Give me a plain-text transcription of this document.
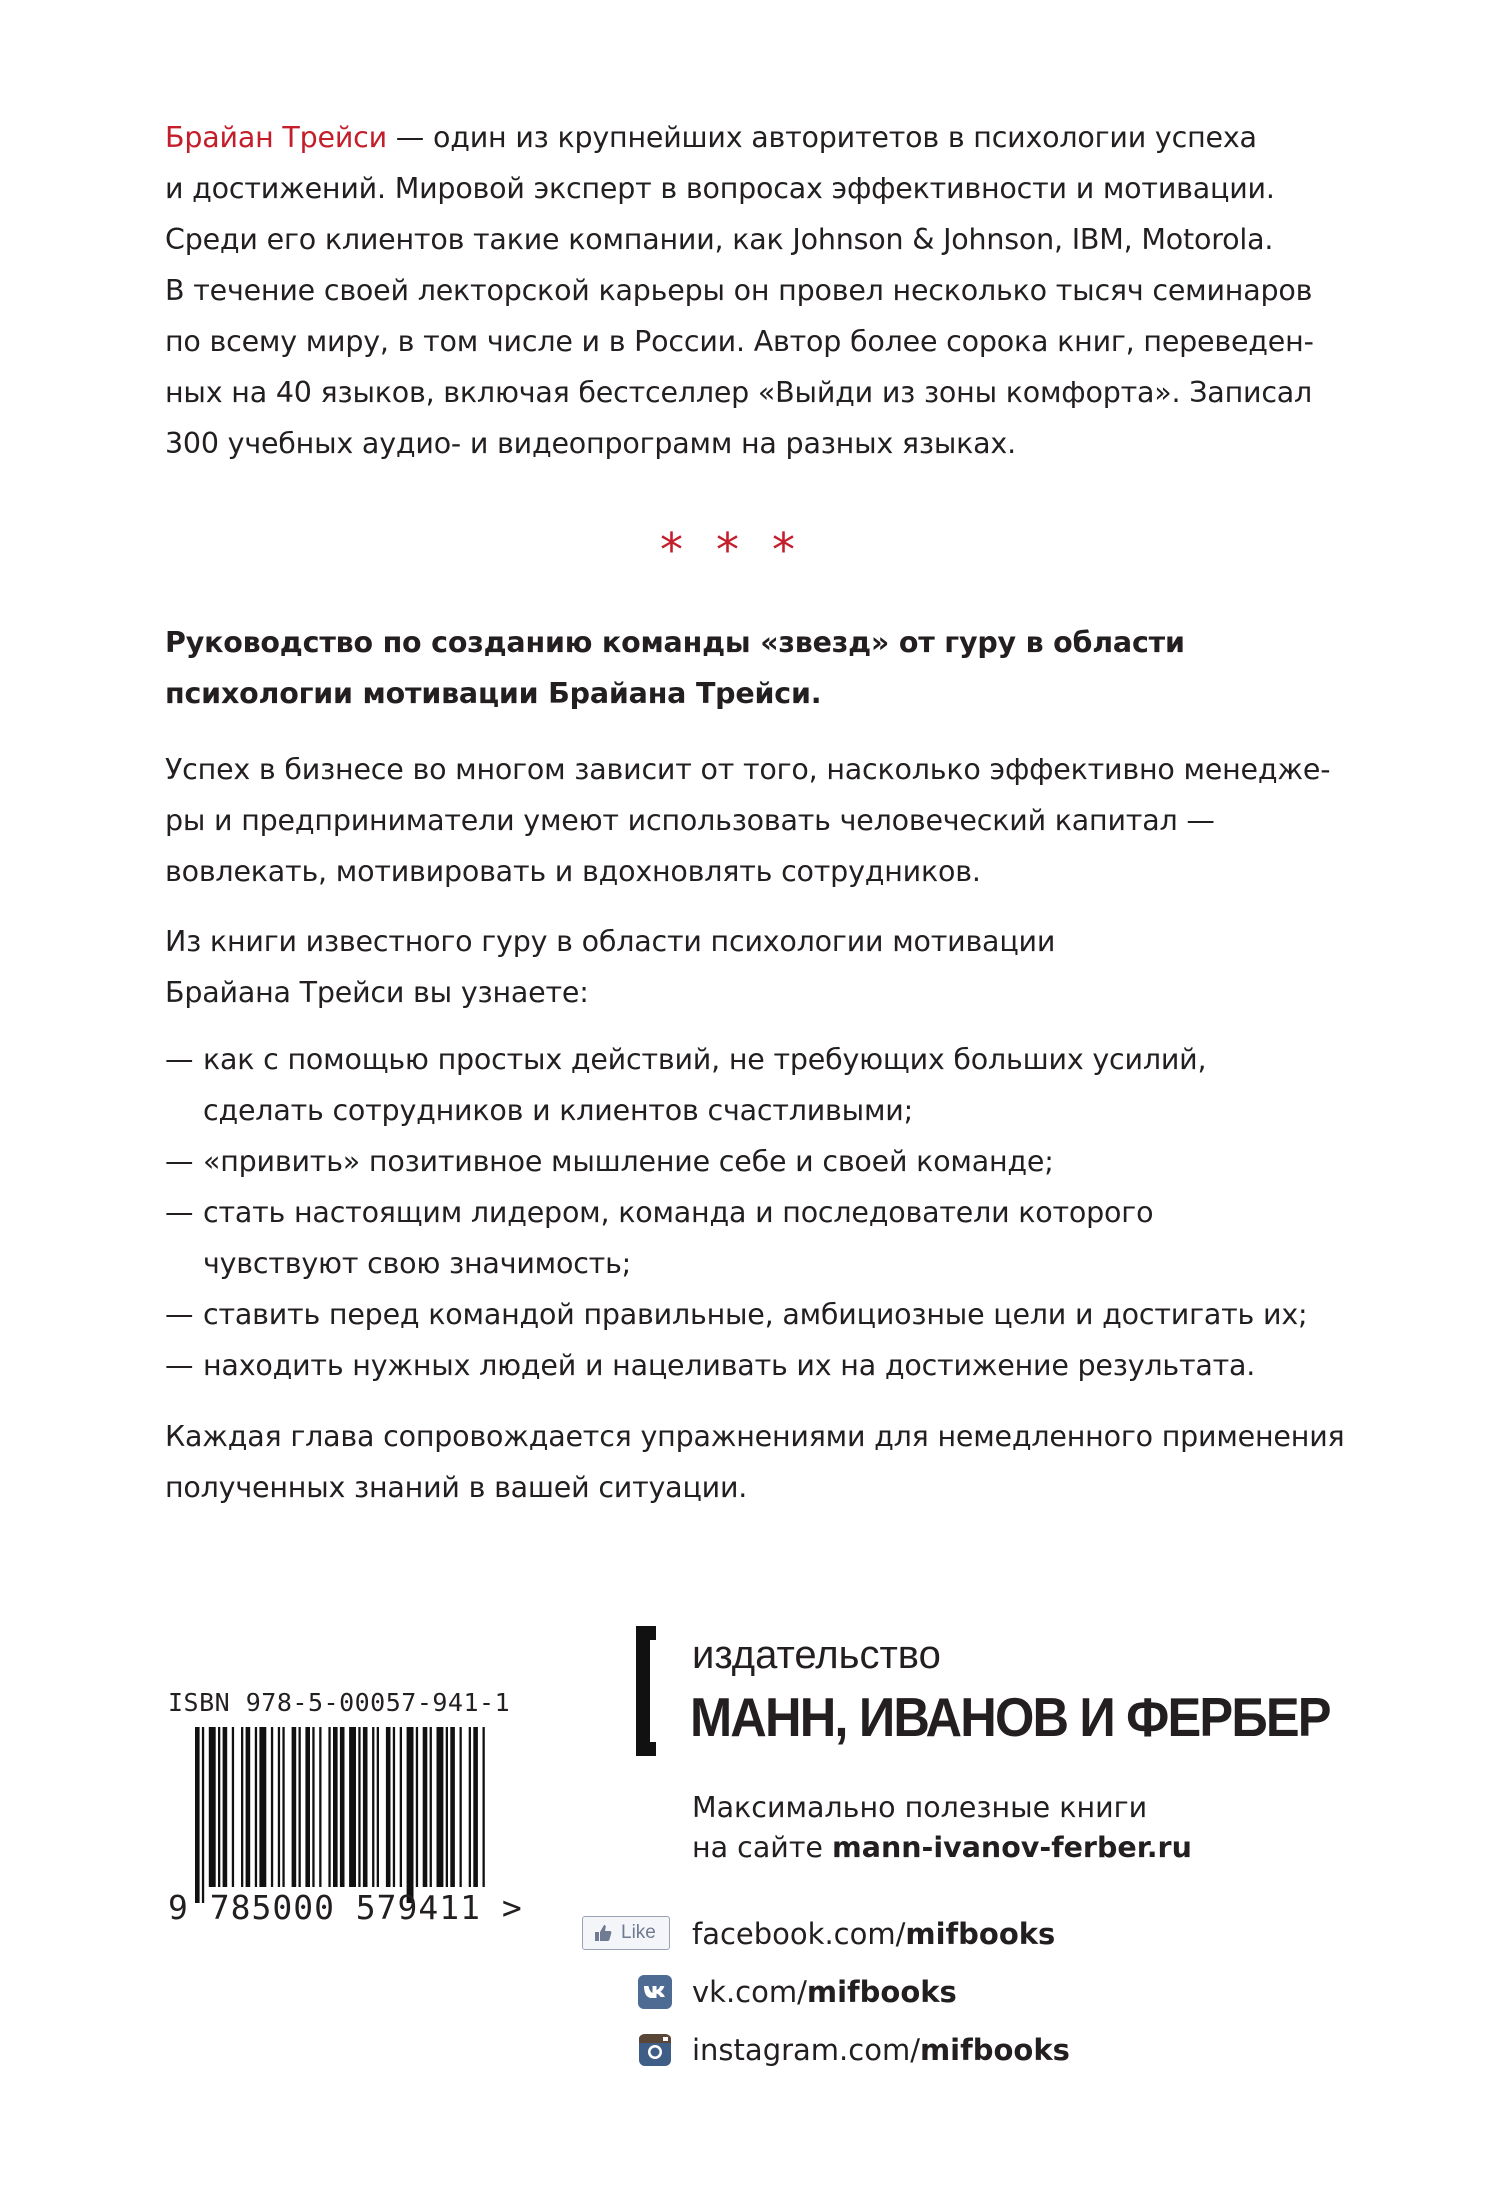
Брайан Трейси — один из крупнейших авторитетов в психологии успеха
и достижений. Мировой эксперт в вопросах эффективности и мотивации.
Среди его клиентов такие компании, как Johnson & Johnson, IBM, Motorola.
В течение своей лекторской карьеры он провел несколько тысяч семинаров
по всему миру, в том числе и в России. Автор более сорока книг, переведен-
ных на 40 языков, включая бестселлер «Выйди из зоны комфорта». Записал
300 учебных аудио- и видеопрограмм на разных языках.
* * *
Руководство по созданию команды «звезд» от гуру в области
психологии мотивации Брайана Трейси.
Успех в бизнесе во многом зависит от того, насколько эффективно менедже-
ры и предприниматели умеют использовать человеческий капитал —
вовлекать, мотивировать и вдохновлять сотрудников.
Из книги известного гуру в области психологии мотивации
Брайана Трейси вы узнаете:
— как с помощью простых действий, не требующих больших усилий,
сделать сотрудников и клиентов счастливыми;
— «привить» позитивное мышление себе и своей команде;
— стать настоящим лидером, команда и последователи которого
чувствуют свою значимость;
— ставить перед командой правильные, амбициозные цели и достигать их;
— находить нужных людей и нацеливать их на достижение результата.
Каждая глава сопровождается упражнениями для немедленного применения
полученных знаний в вашей ситуации.
ISBN 978-5-00057-941-1
9 785000 579411 >
издательство
МАНН, ИВАНОВ И ФЕРБЕР
Максимально полезные книги
на сайте mann-ivanov-ferber.ru
Like	facebook.com/mifbooks
vk.com/mifbooks
instagram.com/mifbooks
